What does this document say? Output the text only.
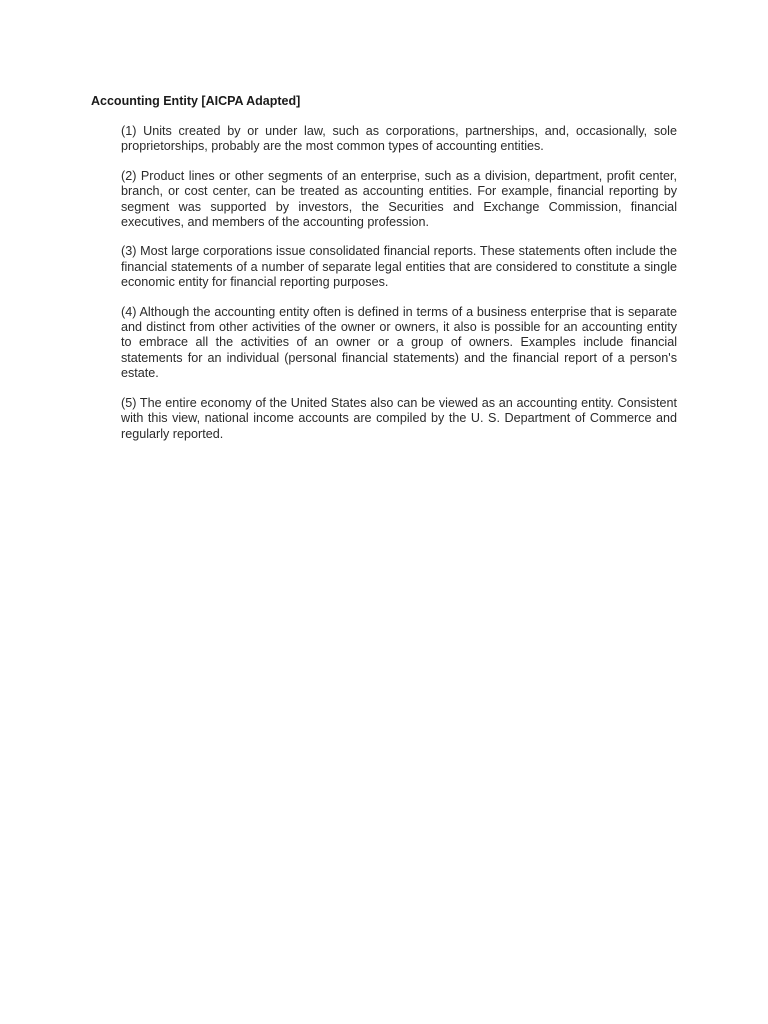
Accounting Entity [AICPA Adapted]

(1) Units created by or under law, such as corporations, partnerships, and, occasionally, sole proprietorships, probably are the most common types of accounting entities.

(2) Product lines or other segments of an enterprise, such as a division, department, profit center, branch, or cost center, can be treated as accounting entities. For example, financial reporting by segment was supported by investors, the Securities and Exchange Commission, financial executives, and members of the accounting profession.

(3) Most large corporations issue consolidated financial reports. These statements often include the financial statements of a number of separate legal entities that are considered to constitute a single economic entity for financial reporting purposes.

(4) Although the accounting entity often is defined in terms of a business enterprise that is separate and distinct from other activities of the owner or owners, it also is possible for an accounting entity to embrace all the activities of an owner or a group of owners. Examples include financial statements for an individual (personal financial statements) and the financial report of a person's estate.

(5) The entire economy of the United States also can be viewed as an accounting entity. Consistent with this view, national income accounts are compiled by the U. S. Department of Commerce and regularly reported.
